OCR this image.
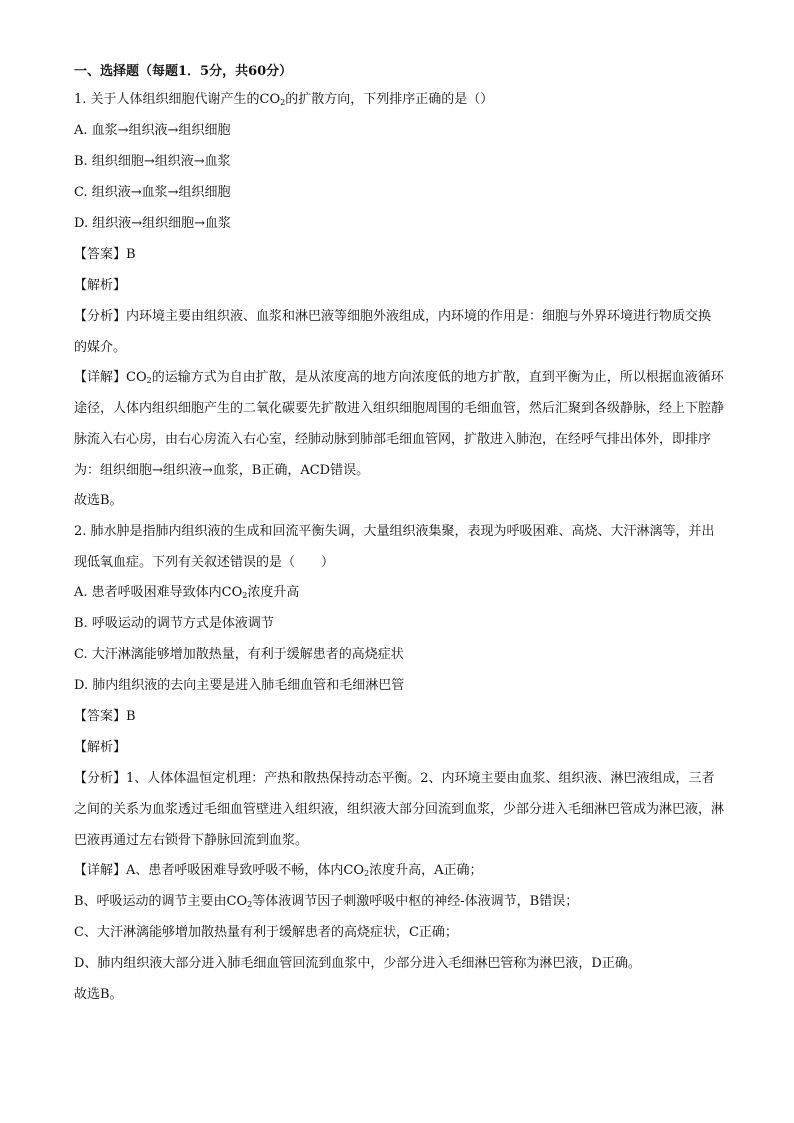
一、选择题（每题1．5分，共60分）

1. 关于人体组织细胞代谢产生的$CO_2$的扩散方向，下列排序正确的是（）

A. 血浆→组织液→组织细胞

B. 组织细胞→组织液→血浆

C. 组织液→血浆→组织细胞

D. 组织液→组织细胞→血浆

【答案】B

【解析】

【分析】内环境主要由组织液、血浆和淋巴液等细胞外液组成，内环境的作用是：细胞与外界环境进行物质交换的媒介。

【详解】$CO_2$的运输方式为自由扩散，是从浓度高的地方向浓度低的地方扩散，直到平衡为止，所以根据血液循环途径，人体内组织细胞产生的二氧化碳要先扩散进入组织细胞周围的毛细血管，然后汇聚到各级静脉，经上下腔静脉流入右心房，由右心房流入右心室，经肺动脉到肺部毛细血管网，扩散进入肺泡，在经呼气排出体外，即排序为：组织细胞→组织液→血浆，B正确，ACD错误。

故选B。

2. 肺水肿是指肺内组织液的生成和回流平衡失调，大量组织液集聚，表现为呼吸困难、高烧、大汗淋漓等，并出现低氧血症。下列有关叙述错误的是（　　）

A. 患者呼吸困难导致体内$CO_2$浓度升高

B. 呼吸运动的调节方式是体液调节

C. 大汗淋漓能够增加散热量，有利于缓解患者的高烧症状

D. 肺内组织液的去向主要是进入肺毛细血管和毛细淋巴管

【答案】B

【解析】

【分析】1、人体体温恒定机理：产热和散热保持动态平衡。2、内环境主要由血浆、组织液、淋巴液组成，三者之间的关系为血浆透过毛细血管壁进入组织液，组织液大部分回流到血浆，少部分进入毛细淋巴管成为淋巴液，淋巴液再通过左右锁骨下静脉回流到血浆。

【详解】A、患者呼吸困难导致呼吸不畅，体内$CO_2$浓度升高，A正确；

B、呼吸运动的调节主要由$CO_2$等体液调节因子刺激呼吸中枢的神经-体液调节，B错误；

C、大汗淋漓能够增加散热量有利于缓解患者的高烧症状，C正确；

D、肺内组织液大部分进入肺毛细血管回流到血浆中，少部分进入毛细淋巴管称为淋巴液，D正确。

故选B。
